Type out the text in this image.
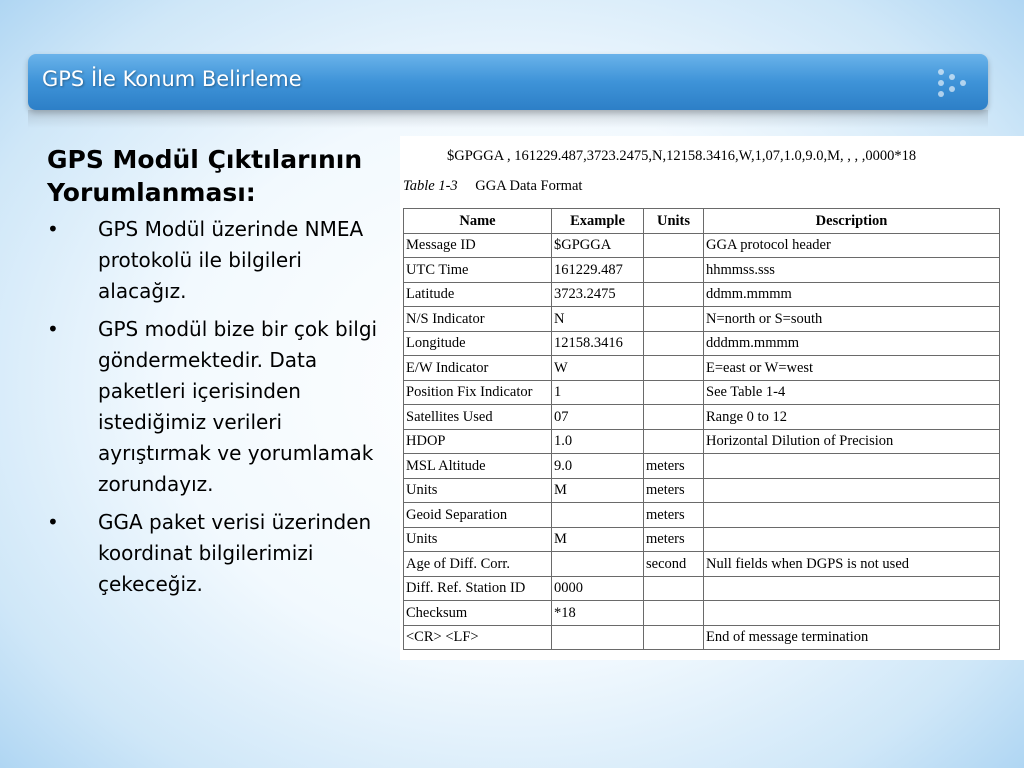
GPS İle Konum Belirleme
GPS Modül Çıktılarının Yorumlanması:
• GPS Modül üzerinde NMEA protokolü ile bilgileri alacağız.
• GPS modül bize bir çok bilgi göndermektedir. Data paketleri içerisinden istediğimiz verileri ayrıştırmak ve yorumlamak zorundayız.
• GGA paket verisi üzerinden koordinat bilgilerimizi çekeceğiz.
$GPGGA , 161229.487,3723.2475,N,12158.3416,W,1,07,1.0,9.0,M, , , ,0000*18
Table 1-3 GGA Data Format
Name	Example	Units	Description
Message ID	$GPGGA		GGA protocol header
UTC Time	161229.487		hhmmss.sss
Latitude	3723.2475		ddmm.mmmm
N/S Indicator	N		N=north or S=south
Longitude	12158.3416		dddmm.mmmm
E/W Indicator	W		E=east or W=west
Position Fix Indicator	1		See Table 1-4
Satellites Used	07		Range 0 to 12
HDOP	1.0		Horizontal Dilution of Precision
MSL Altitude	9.0	meters	
Units	M	meters	
Geoid Separation		meters	
Units	M	meters	
Age of Diff. Corr.		second	Null fields when DGPS is not used
Diff. Ref. Station ID	0000		
Checksum	*18		
<CR> <LF>			End of message termination
